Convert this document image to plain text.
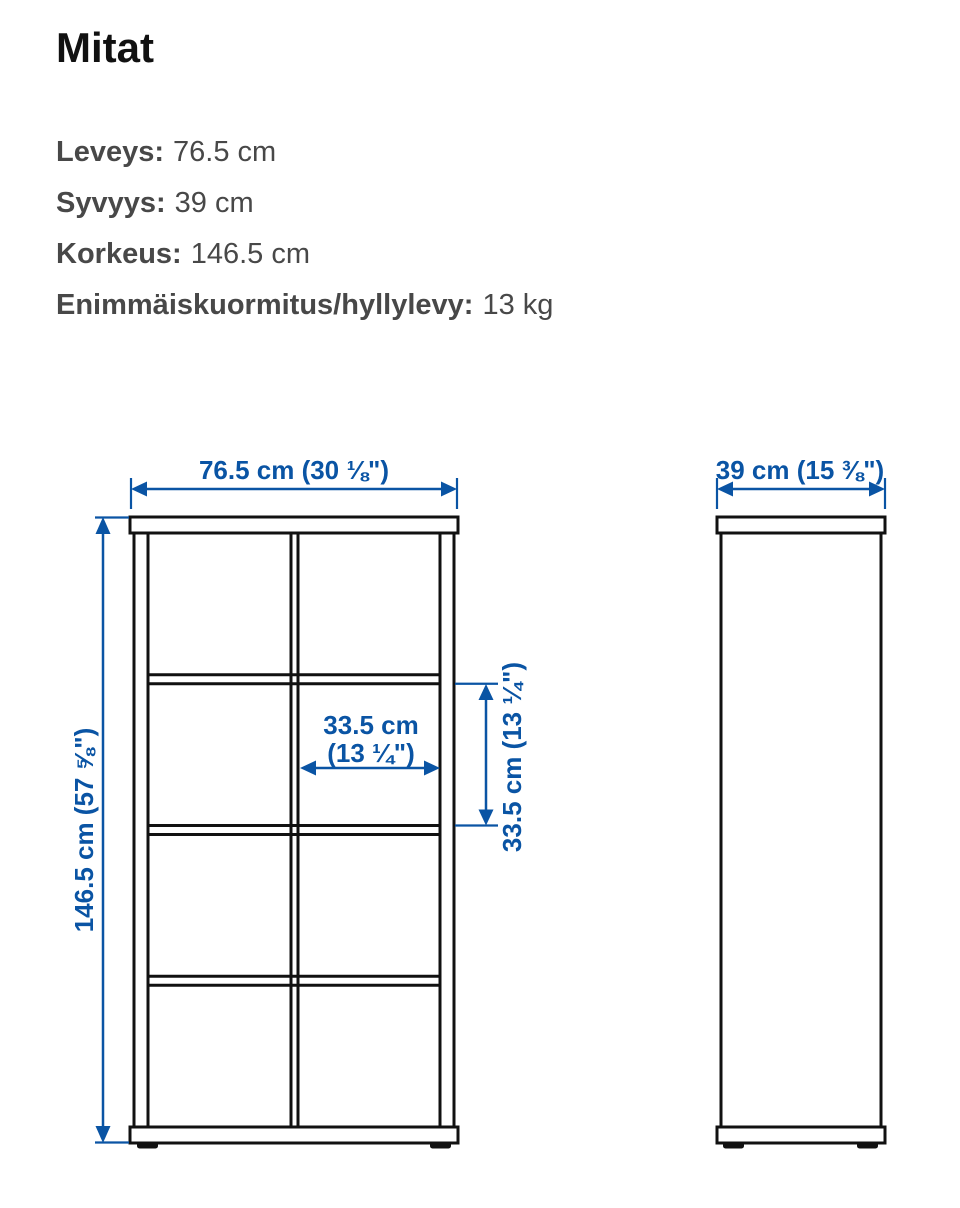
Mitat
Leveys: 76.5 cm
Syvyys: 39 cm
Korkeus: 146.5 cm
Enimmäiskuormitus/hyllylevy: 13 kg
76.5 cm (30 ⅛")
146.5 cm (57 ⅝")
33.5 cm
(13 ¼")	33.5 cm (13 ¼")
39 cm (15 ⅜")
